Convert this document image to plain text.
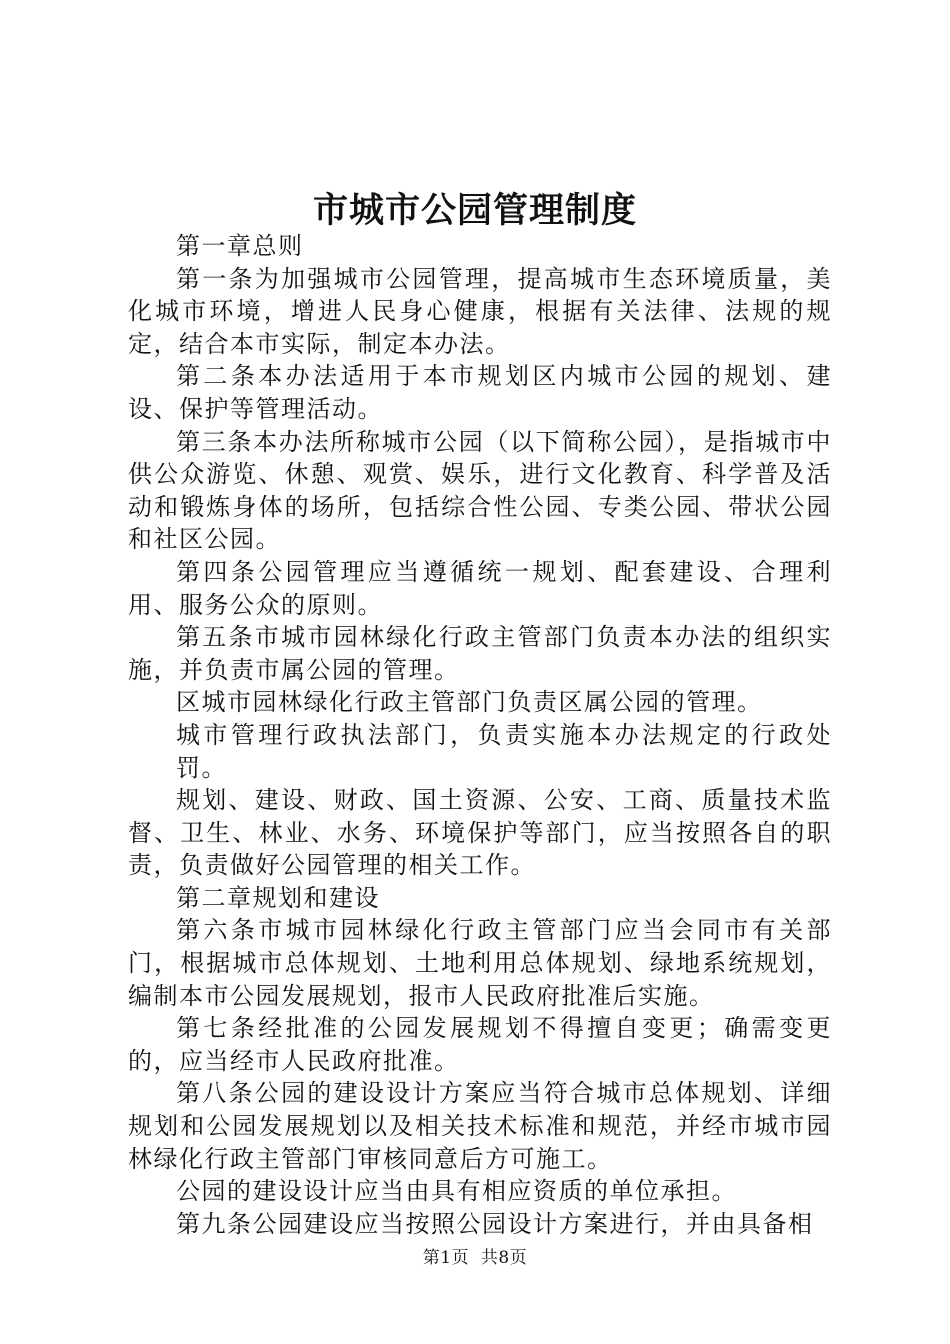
市城市公园管理制度

第一章总则

第一条为加强城市公园管理，提高城市生态环境质量，美化城市环境，增进人民身心健康，根据有关法律、法规的规定，结合本市实际，制定本办法。

第二条本办法适用于本市规划区内城市公园的规划、建设、保护等管理活动。

第三条本办法所称城市公园（以下简称公园），是指城市中供公众游览、休憩、观赏、娱乐，进行文化教育、科学普及活动和锻炼身体的场所，包括综合性公园、专类公园、带状公园和社区公园。

第四条公园管理应当遵循统一规划、配套建设、合理利用、服务公众的原则。

第五条市城市园林绿化行政主管部门负责本办法的组织实施，并负责市属公园的管理。

区城市园林绿化行政主管部门负责区属公园的管理。

城市管理行政执法部门，负责实施本办法规定的行政处罚。

规划、建设、财政、国土资源、公安、工商、质量技术监督、卫生、林业、水务、环境保护等部门，应当按照各自的职责，负责做好公园管理的相关工作。

第二章规划和建设

第六条市城市园林绿化行政主管部门应当会同市有关部门，根据城市总体规划、土地利用总体规划、绿地系统规划，编制本市公园发展规划，报市人民政府批准后实施。

第七条经批准的公园发展规划不得擅自变更；确需变更的，应当经市人民政府批准。

第八条公园的建设设计方案应当符合城市总体规划、详细规划和公园发展规划以及相关技术标准和规范，并经市城市园林绿化行政主管部门审核同意后方可施工。

公园的建设设计应当由具有相应资质的单位承担。

第九条公园建设应当按照公园设计方案进行，并由具备相

第1页 共8页
